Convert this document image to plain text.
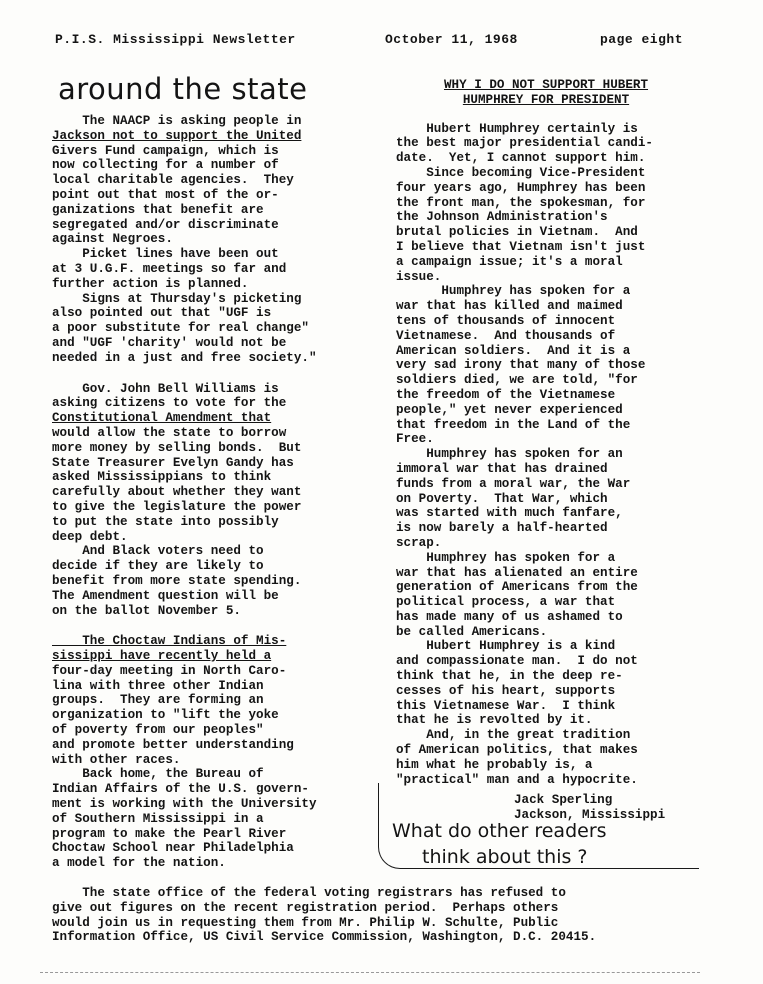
P.I.S. Mississippi Newsletter	October 11, 1968	page eight
around the state

The NAACP is asking people in

Jackson not to support the United

Givers Fund campaign, which is

now collecting for a number of

local charitable agencies.  They

point out that most of the or-

ganizations that benefit are

segregated and/or discriminate

against Negroes.

Picket lines have been out

at 3 U.G.F. meetings so far and

further action is planned.

Signs at Thursday's picketing

also pointed out that "UGF is

a poor substitute for real change"

and "UGF 'charity' would not be

needed in a just and free society."

Gov. John Bell Williams is

asking citizens to vote for the

Constitutional Amendment that

would allow the state to borrow

more money by selling bonds.  But

State Treasurer Evelyn Gandy has

asked Mississippians to think

carefully about whether they want

to give the legislature the power

to put the state into possibly

deep debt.

And Black voters need to

decide if they are likely to

benefit from more state spending.

The Amendment question will be

on the ballot November 5.

The Choctaw Indians of Mis-

sissippi have recently held a

four-day meeting in North Caro-

lina with three other Indian

groups.  They are forming an

organization to "lift the yoke

of poverty from our peoples"

and promote better understanding

with other races.

Back home, the Bureau of

Indian Affairs of the U.S. govern-

ment is working with the University

of Southern Mississippi in a

program to make the Pearl River

Choctaw School near Philadelphia

a model for the nation.

WHY I DO NOT SUPPORT HUBERT

HUMPHREY FOR PRESIDENT

Hubert Humphrey certainly is

the best major presidential candi-

date.  Yet, I cannot support him.

Since becoming Vice-President

four years ago, Humphrey has been

the front man, the spokesman, for

the Johnson Administration's

brutal policies in Vietnam.  And

I believe that Vietnam isn't just

a campaign issue; it's a moral

issue.

Humphrey has spoken for a

war that has killed and maimed

tens of thousands of innocent

Vietnamese.  And thousands of

American soldiers.  And it is a

very sad irony that many of those

soldiers died, we are told, "for

the freedom of the Vietnamese

people," yet never experienced

that freedom in the Land of the

Free.

Humphrey has spoken for an

immoral war that has drained

funds from a moral war, the War

on Poverty.  That War, which

was started with much fanfare,

is now barely a half-hearted

scrap.

Humphrey has spoken for a

war that has alienated an entire

generation of Americans from the

political process, a war that

has made many of us ashamed to

be called Americans.

Hubert Humphrey is a kind

and compassionate man.  I do not

think that he, in the deep re-

cesses of his heart, supports

this Vietnamese War.  I think

that he is revolted by it.

And, in the great tradition

of American politics, that makes

him what he probably is, a

"practical" man and a hypocrite.

Jack Sperling

Jackson, Mississippi

What do other readers
think about this ?

The state office of the federal voting registrars has refused to

give out figures on the recent registration period.  Perhaps others

would join us in requesting them from Mr. Philip W. Schulte, Public

Information Office, US Civil Service Commission, Washington, D.C. 20415.
